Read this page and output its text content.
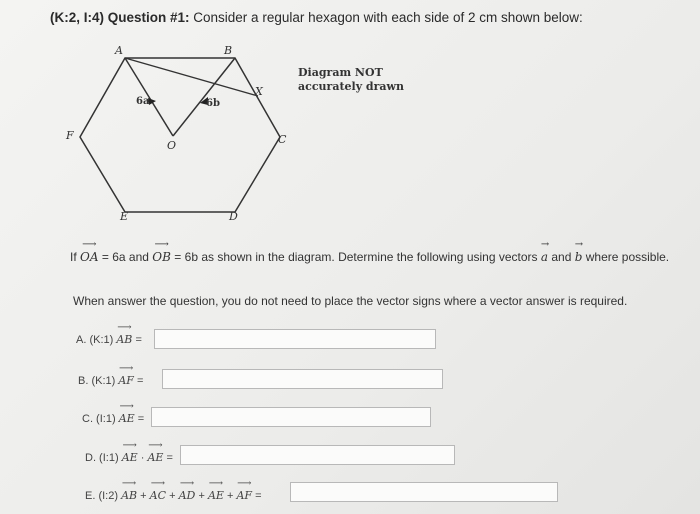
(K:2, I:4) Question #1: Consider a regular hexagon with each side of 2 cm shown below:
Diagram NOT
accurately drawn
A	B
C
D
E
F
O
X
6a	6b
If ⟶ OA = 6a and ⟶ OB = 6b as shown in the diagram. Determine the following using vectors → a and → b where possible.
When answer the question, you do not need to place the vector signs where a vector answer is required.
A. (K:1) ⟶ AB =
B. (K:1) ⟶ AF =
C. (I:1) ⟶ AE =
D. (I:1) ⟶ AE · ⟶ AE =
E. (I:2) ⟶ AB + ⟶ AC + ⟶ AD + ⟶ AE + ⟶ AF =
